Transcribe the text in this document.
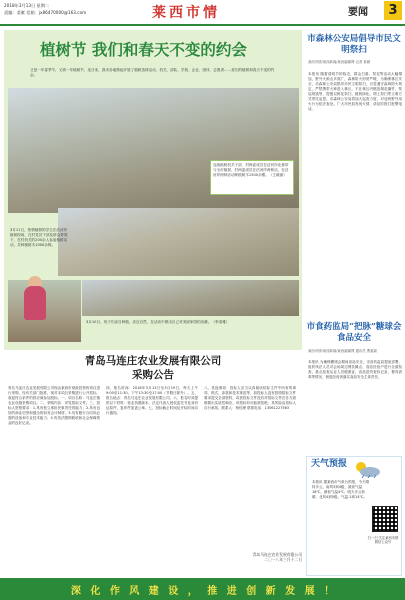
2018年3月13日 星期二
责编：姜雁 信箱：jx86470000@163.com	莱西市情	要闻	3
植树节 我们和春天不变的约会
又是一年春季节，又到一年植树节，连日来，我市各地掀起开展了植树造林活动，机关、部队、学校、企业、团体、志愿者……爱们的植树和春天不变的约会。
连续植树机关干部、村两委成员在沽河岸北林带与全市植树，村两委成员在沽河岸两种活，在沽河岸两种活动种植树木1500余棵。（王晓丽）
3月11日，热情植树的学生在沽河岸植树现场，在村党员干部及群众带领下，在村机关的200余人参加植树活动，共种植树木1000余株。
3月10日，孩子们亲自种植，亲近自然，在活动中做出自己对美丽家园的贡献。（李清雅）
市森林公安局倡导市民文明祭扫
莱西市情/莱西新闻/莱西融媒网 记者 姜雁
本报讯 随着清明节的临近，群众扫墓、祭祀等活动大幅增加，野外火源点多面广，森林防火形势严峻，为确保林区安全，市森林公安局倡导市民文明祭扫，自觉遵守森林防火规定，严禁携带火种进入林区，不在林区内燃放烟花爆竹、焚烧纸钱等，提倡以鲜花祭扫、植树绿化、网上祭扫等文明方式寄托哀思。市森林公安局将加大巡查力度，对违规野外用火行为依法查处。广大市民如发现火情，请及时拨打报警电话。
市食药监局“把脉”糖球会食品安全
莱西市情/莱西新闻/莱西融媒网 通讯员 曹嘉斌
本报讯 为确保糖球会期间食品安全，市食药监局提前部署，组织执法人员对会场周边餐饮摊点、食品经营户进行全面检查，重点检查从业人员健康证、食品进货查验记录、餐具消毒等情况，督促经营者落实食品安全主体责任。
青岛马连庄农业发展有限公司
采购公告
青岛马连庄农业发展有限公司现由莱西市财政投资的项目进行采购，经有关部门批准，现对本项目采购进行公开招标，欢迎符合条件的供应商参加投标。一、项目名称：马连庄镇农业设施采购项目。二、采购内容：详见招标文件。三、投标人资格要求：1.具有独立承担民事责任的能力；2.具有良好的商业信誉和健全的财务会计制度；3.具有履行合同所必需的设备和专业技术能力；4.有依法缴纳税收和社会保障资金的良好记录。
四、报名时间：2018年3月13日至3月19日，每天上午9:00至11:30，下午13:30至17:00（节假日除外）。五、报名地点：青岛马连庄农业发展有限公司。六、报名时须提供以下材料：营业执照副本、法定代表人授权委托书及身份证原件、复印件加盖公章。七、投标截止时间及开标时间另行通知。
八、其他事项：投标人应当认真阅读招标文件中所有的事项、格式、条款和技术规范等，如投标人没有按照招标文件要求提交全部资料，或者投标文件没有对招标文件在各方面都做出实质性响应，该投标有可能被拒绝，其风险由投标人自行承担。联系人：杨经理 联系电话：13061227563
青岛马连庄农业发展有限公司
二〇一八年三月十二日
天气预报
本报讯 据莱西市气象台预报，今天晴转多云，南风3到4级，最高气温18℃，最低气温4℃；明天多云转晴，北风4到5级，气温-1到14℃。
扫一扫 关注莱西市情微信公众号
深 化 作 风 建 设 ， 推 进 创 新 发 展 ！
